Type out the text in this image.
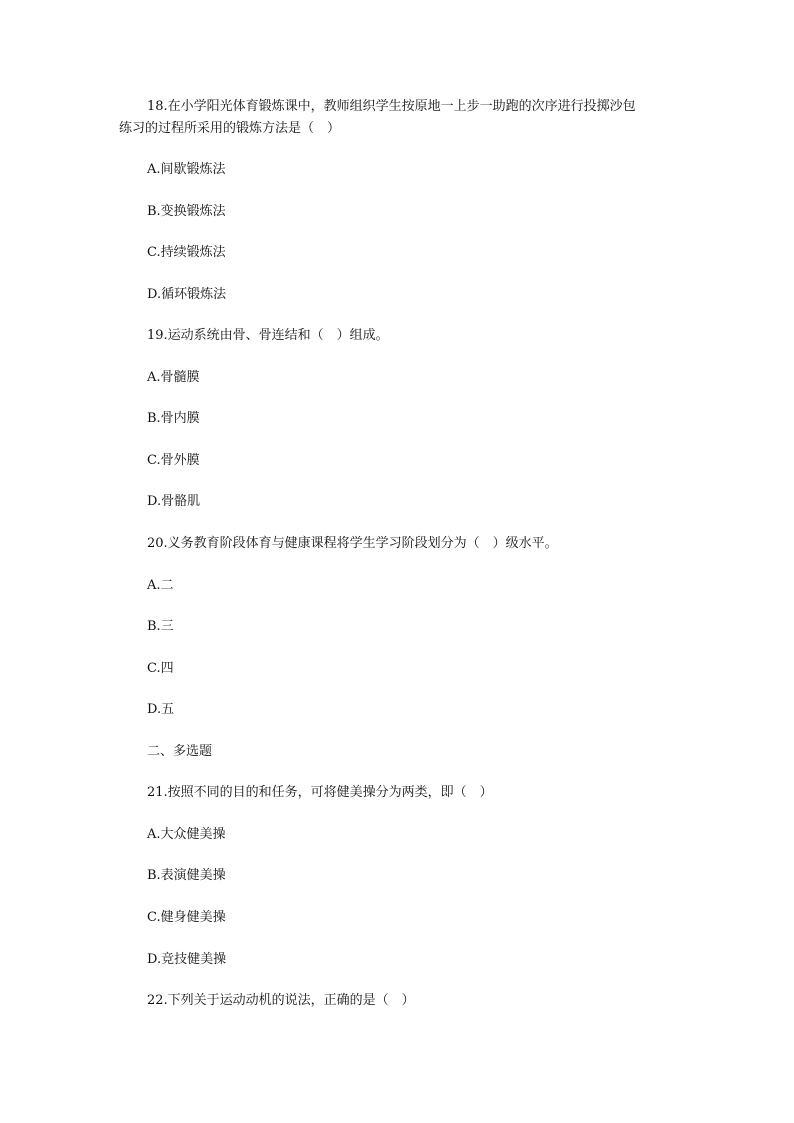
18.在小学阳光体育锻炼课中，教师组织学生按原地一上步一助跑的次序进行投掷沙包
练习的过程所采用的锻炼方法是（　）
A.间歇锻炼法
B.变换锻炼法
C.持续锻炼法
D.循环锻炼法
19.运动系统由骨、骨连结和（　）组成。
A.骨髓膜
B.骨内膜
C.骨外膜
D.骨骼肌
20.义务教育阶段体育与健康课程将学生学习阶段划分为（　）级水平。
A.二
B.三
C.四
D.五
二、多选题
21.按照不同的目的和任务，可将健美操分为两类，即（　）
A.大众健美操
B.表演健美操
C.健身健美操
D.竞技健美操
22.下列关于运动动机的说法，正确的是（　）
